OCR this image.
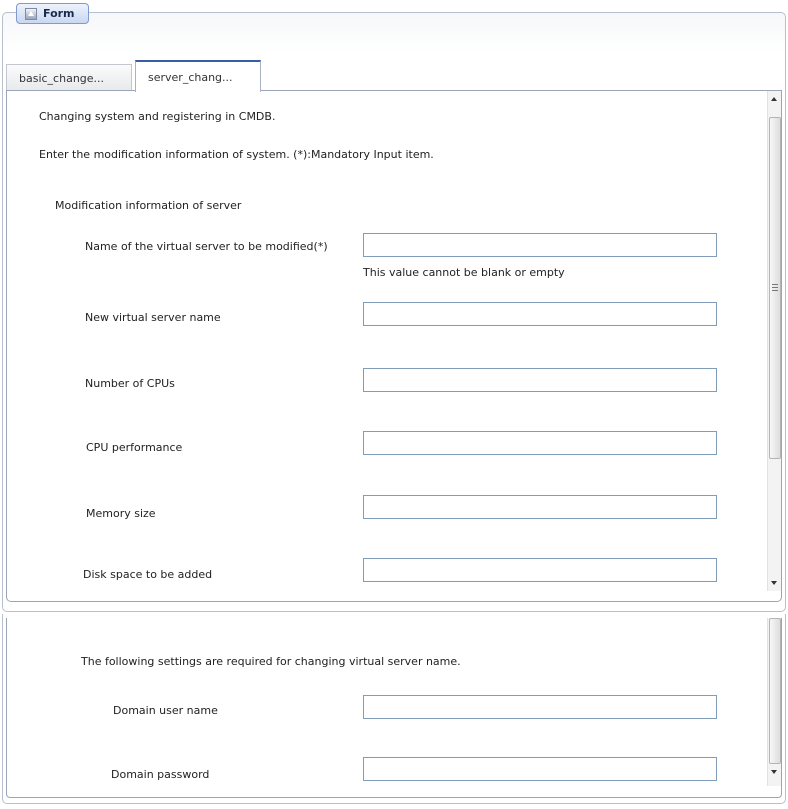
Form
basic_change...	server_chang...
Changing system and registering in CMDB.
Enter the modification information of system. (*):Mandatory Input item.
Modification information of server
Name of the virtual server to be modified(*)
This value cannot be blank or empty
New virtual server name
Number of CPUs
CPU performance
Memory size
Disk space to be added
The following settings are required for changing virtual server name.
Domain user name
Domain password
